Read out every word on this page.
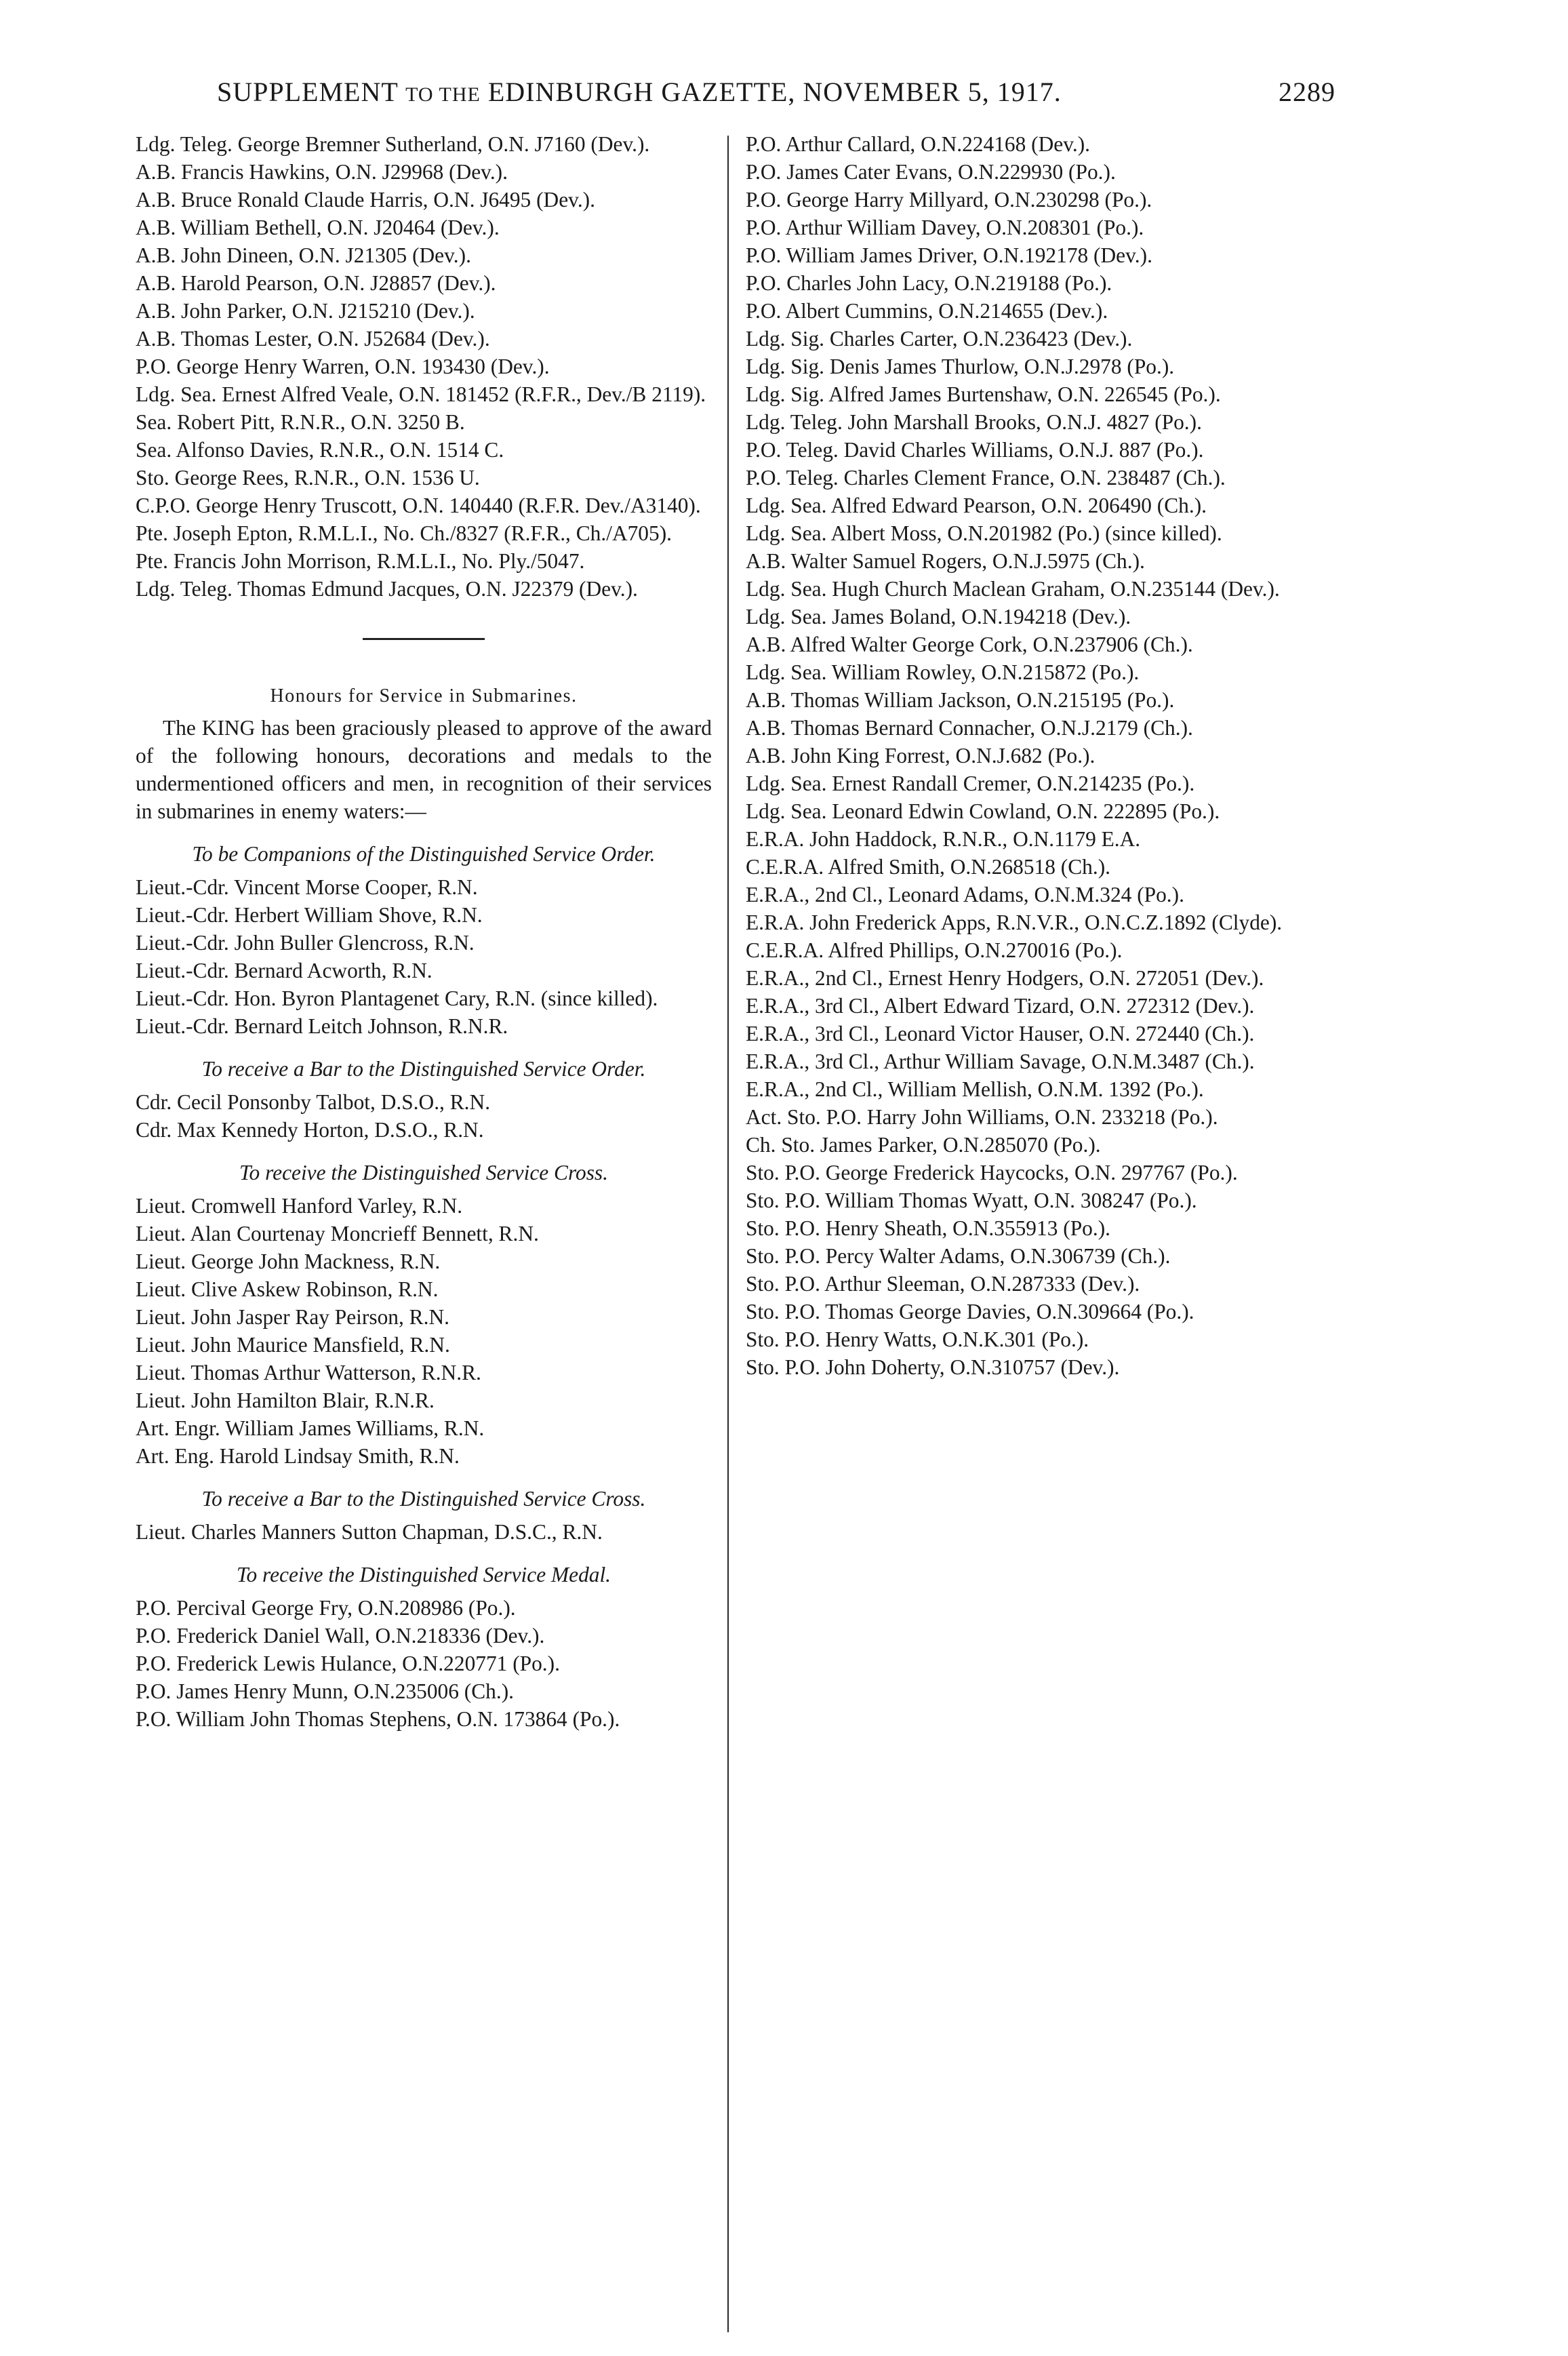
SUPPLEMENT TO THE EDINBURGH GAZETTE, NOVEMBER 5, 1917.	2289

Ldg. Teleg. George Bremner Sutherland, O.N. J7160 (Dev.).

A.B. Francis Hawkins, O.N. J29968 (Dev.).

A.B. Bruce Ronald Claude Harris, O.N. J6495 (Dev.).

A.B. William Bethell, O.N. J20464 (Dev.).

A.B. John Dineen, O.N. J21305 (Dev.).

A.B. Harold Pearson, O.N. J28857 (Dev.).

A.B. John Parker, O.N. J215210 (Dev.).

A.B. Thomas Lester, O.N. J52684 (Dev.).

P.O. George Henry Warren, O.N. 193430 (Dev.).

Ldg. Sea. Ernest Alfred Veale, O.N. 181452 (R.F.R., Dev./B 2119).

Sea. Robert Pitt, R.N.R., O.N. 3250 B.

Sea. Alfonso Davies, R.N.R., O.N. 1514 C.

Sto. George Rees, R.N.R., O.N. 1536 U.

C.P.O. George Henry Truscott, O.N. 140440 (R.F.R. Dev./A3140).

Pte. Joseph Epton, R.M.L.I., No. Ch./8327 (R.F.R., Ch./A705).

Pte. Francis John Morrison, R.M.L.I., No. Ply./5047.

Ldg. Teleg. Thomas Edmund Jacques, O.N. J22379 (Dev.).

Honours for Service in Submarines.

The KING has been graciously pleased to approve of the award of the following honours, decorations and medals to the undermentioned officers and men, in recognition of their services in submarines in enemy waters:—

To be Companions of the Distinguished Service Order.

Lieut.-Cdr. Vincent Morse Cooper, R.N.

Lieut.-Cdr. Herbert William Shove, R.N.

Lieut.-Cdr. John Buller Glencross, R.N.

Lieut.-Cdr. Bernard Acworth, R.N.

Lieut.-Cdr. Hon. Byron Plantagenet Cary, R.N. (since killed).

Lieut.-Cdr. Bernard Leitch Johnson, R.N.R.

To receive a Bar to the Distinguished Service Order.

Cdr. Cecil Ponsonby Talbot, D.S.O., R.N.

Cdr. Max Kennedy Horton, D.S.O., R.N.

To receive the Distinguished Service Cross.

Lieut. Cromwell Hanford Varley, R.N.

Lieut. Alan Courtenay Moncrieff Bennett, R.N.

Lieut. George John Mackness, R.N.

Lieut. Clive Askew Robinson, R.N.

Lieut. John Jasper Ray Peirson, R.N.

Lieut. John Maurice Mansfield, R.N.

Lieut. Thomas Arthur Watterson, R.N.R.

Lieut. John Hamilton Blair, R.N.R.

Art. Engr. William James Williams, R.N.

Art. Eng. Harold Lindsay Smith, R.N.

To receive a Bar to the Distinguished Service Cross.

Lieut. Charles Manners Sutton Chapman, D.S.C., R.N.

To receive the Distinguished Service Medal.

P.O. Percival George Fry, O.N.208986 (Po.).

P.O. Frederick Daniel Wall, O.N.218336 (Dev.).

P.O. Frederick Lewis Hulance, O.N.220771 (Po.).

P.O. James Henry Munn, O.N.235006 (Ch.).

P.O. William John Thomas Stephens, O.N. 173864 (Po.).

P.O. Arthur Callard, O.N.224168 (Dev.).

P.O. James Cater Evans, O.N.229930 (Po.).

P.O. George Harry Millyard, O.N.230298 (Po.).

P.O. Arthur William Davey, O.N.208301 (Po.).

P.O. William James Driver, O.N.192178 (Dev.).

P.O. Charles John Lacy, O.N.219188 (Po.).

P.O. Albert Cummins, O.N.214655 (Dev.).

Ldg. Sig. Charles Carter, O.N.236423 (Dev.).

Ldg. Sig. Denis James Thurlow, O.N.J.2978 (Po.).

Ldg. Sig. Alfred James Burtenshaw, O.N. 226545 (Po.).

Ldg. Teleg. John Marshall Brooks, O.N.J. 4827 (Po.).

P.O. Teleg. David Charles Williams, O.N.J. 887 (Po.).

P.O. Teleg. Charles Clement France, O.N. 238487 (Ch.).

Ldg. Sea. Alfred Edward Pearson, O.N. 206490 (Ch.).

Ldg. Sea. Albert Moss, O.N.201982 (Po.) (since killed).

A.B. Walter Samuel Rogers, O.N.J.5975 (Ch.).

Ldg. Sea. Hugh Church Maclean Graham, O.N.235144 (Dev.).

Ldg. Sea. James Boland, O.N.194218 (Dev.).

A.B. Alfred Walter George Cork, O.N.237906 (Ch.).

Ldg. Sea. William Rowley, O.N.215872 (Po.).

A.B. Thomas William Jackson, O.N.215195 (Po.).

A.B. Thomas Bernard Connacher, O.N.J.2179 (Ch.).

A.B. John King Forrest, O.N.J.682 (Po.).

Ldg. Sea. Ernest Randall Cremer, O.N.214235 (Po.).

Ldg. Sea. Leonard Edwin Cowland, O.N. 222895 (Po.).

E.R.A. John Haddock, R.N.R., O.N.1179 E.A.

C.E.R.A. Alfred Smith, O.N.268518 (Ch.).

E.R.A., 2nd Cl., Leonard Adams, O.N.M.324 (Po.).

E.R.A. John Frederick Apps, R.N.V.R., O.N.C.Z.1892 (Clyde).

C.E.R.A. Alfred Phillips, O.N.270016 (Po.).

E.R.A., 2nd Cl., Ernest Henry Hodgers, O.N. 272051 (Dev.).

E.R.A., 3rd Cl., Albert Edward Tizard, O.N. 272312 (Dev.).

E.R.A., 3rd Cl., Leonard Victor Hauser, O.N. 272440 (Ch.).

E.R.A., 3rd Cl., Arthur William Savage, O.N.M.3487 (Ch.).

E.R.A., 2nd Cl., William Mellish, O.N.M. 1392 (Po.).

Act. Sto. P.O. Harry John Williams, O.N. 233218 (Po.).

Ch. Sto. James Parker, O.N.285070 (Po.).

Sto. P.O. George Frederick Haycocks, O.N. 297767 (Po.).

Sto. P.O. William Thomas Wyatt, O.N. 308247 (Po.).

Sto. P.O. Henry Sheath, O.N.355913 (Po.).

Sto. P.O. Percy Walter Adams, O.N.306739 (Ch.).

Sto. P.O. Arthur Sleeman, O.N.287333 (Dev.).

Sto. P.O. Thomas George Davies, O.N.309664 (Po.).

Sto. P.O. Henry Watts, O.N.K.301 (Po.).

Sto. P.O. John Doherty, O.N.310757 (Dev.).
